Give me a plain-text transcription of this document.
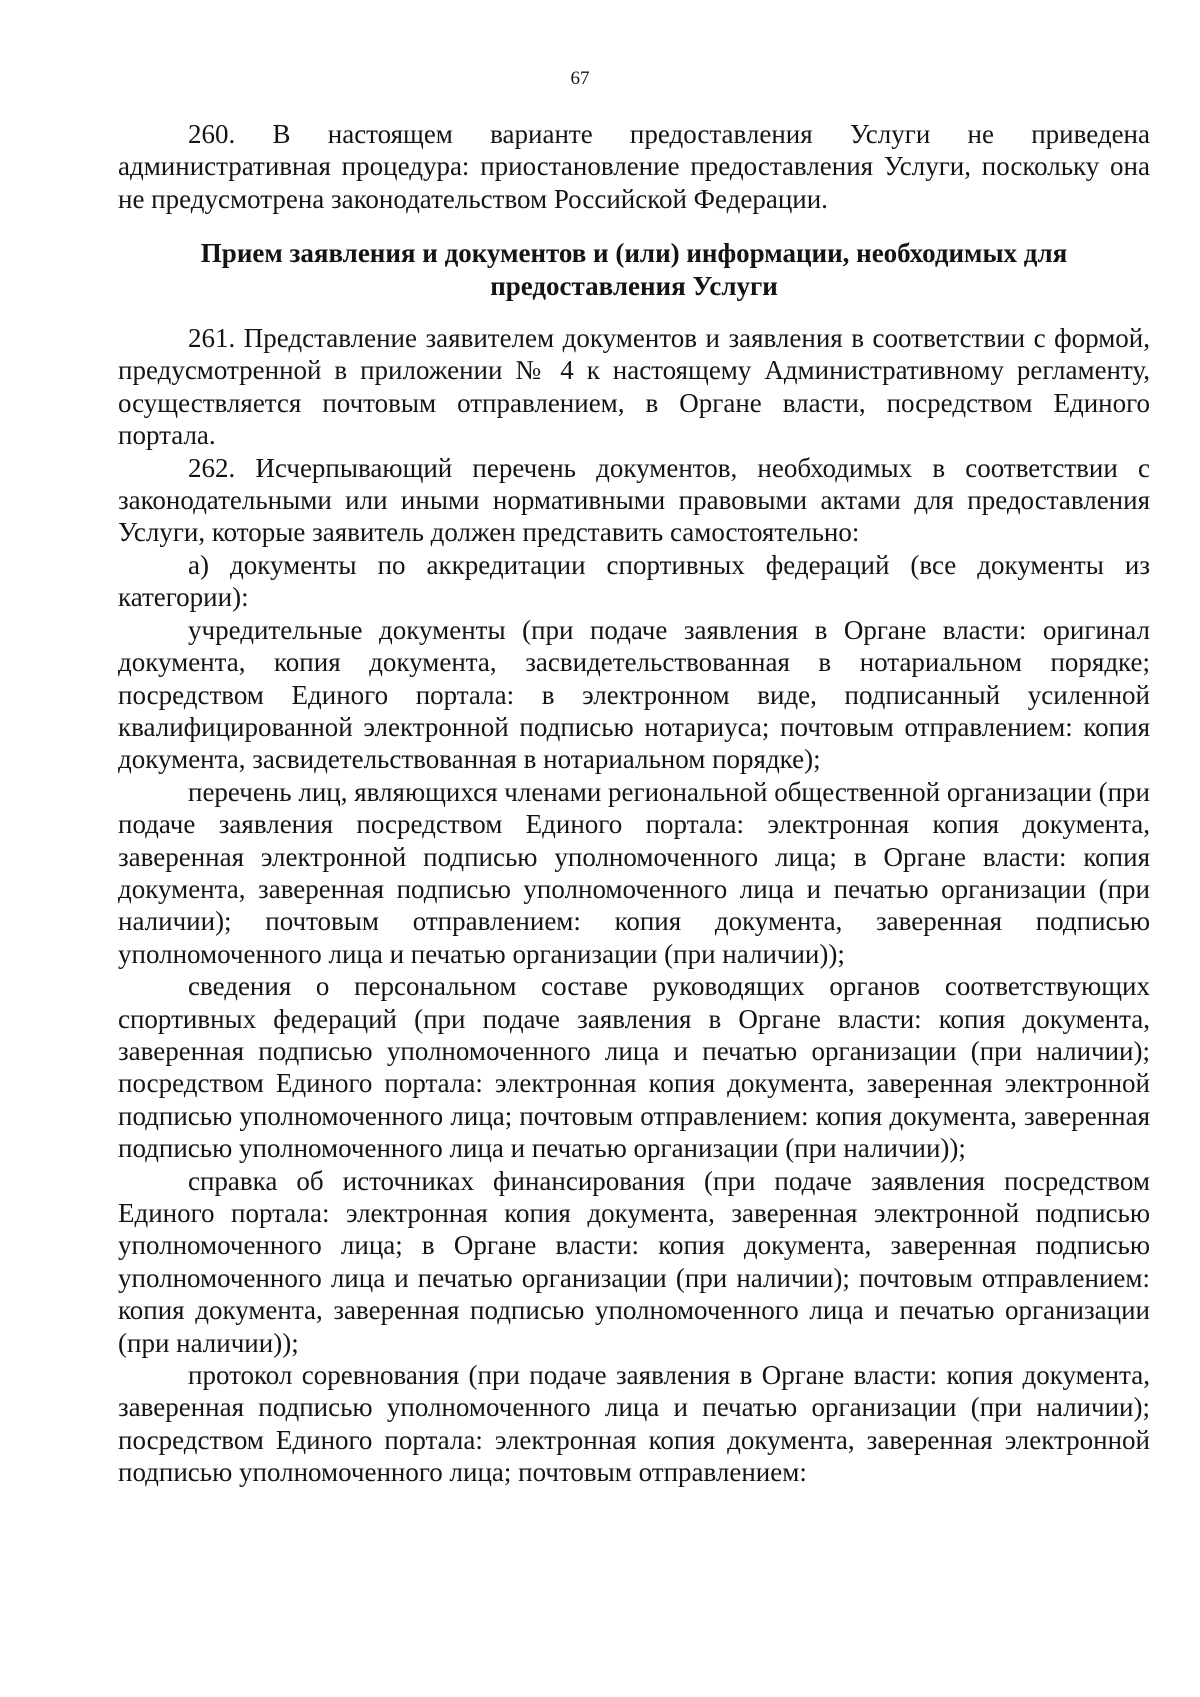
67

260. В настоящем варианте предоставления Услуги не приведена административная процедура: приостановление предоставления Услуги, поскольку она не предусмотрена законодательством Российской Федерации.

Прием заявления и документов и (или) информации, необходимых для предоставления Услуги

261. Представление заявителем документов и заявления в соответствии с формой, предусмотренной в приложении № 4 к настоящему Административному регламенту, осуществляется почтовым отправлением, в Органе власти, посредством Единого портала.

262. Исчерпывающий перечень документов, необходимых в соответствии с законодательными или иными нормативными правовыми актами для предоставления Услуги, которые заявитель должен представить самостоятельно:

а) документы по аккредитации спортивных федераций (все документы из категории):

учредительные документы (при подаче заявления в Органе власти: оригинал документа, копия документа, засвидетельствованная в нотариальном порядке; посредством Единого портала: в электронном виде, подписанный усиленной квалифицированной электронной подписью нотариуса; почтовым отправлением: копия документа, засвидетельствованная в нотариальном порядке);

перечень лиц, являющихся членами региональной общественной организации (при подаче заявления посредством Единого портала: электронная копия документа, заверенная электронной подписью уполномоченного лица; в Органе власти: копия документа, заверенная подписью уполномоченного лица и печатью организации (при наличии); почтовым отправлением: копия документа, заверенная подписью уполномоченного лица и печатью организации (при наличии));

сведения о персональном составе руководящих органов соответствующих спортивных федераций (при подаче заявления в Органе власти: копия документа, заверенная подписью уполномоченного лица и печатью организации (при наличии); посредством Единого портала: электронная копия документа, заверенная электронной подписью уполномоченного лица; почтовым отправлением: копия документа, заверенная подписью уполномоченного лица и печатью организации (при наличии));

справка об источниках финансирования (при подаче заявления посредством Единого портала: электронная копия документа, заверенная электронной подписью уполномоченного лица; в Органе власти: копия документа, заверенная подписью уполномоченного лица и печатью организации (при наличии); почтовым отправлением: копия документа, заверенная подписью уполномоченного лица и печатью организации (при наличии));

протокол соревнования (при подаче заявления в Органе власти: копия документа, заверенная подписью уполномоченного лица и печатью организации (при наличии); посредством Единого портала: электронная копия документа, заверенная электронной подписью уполномоченного лица; почтовым отправлением:
